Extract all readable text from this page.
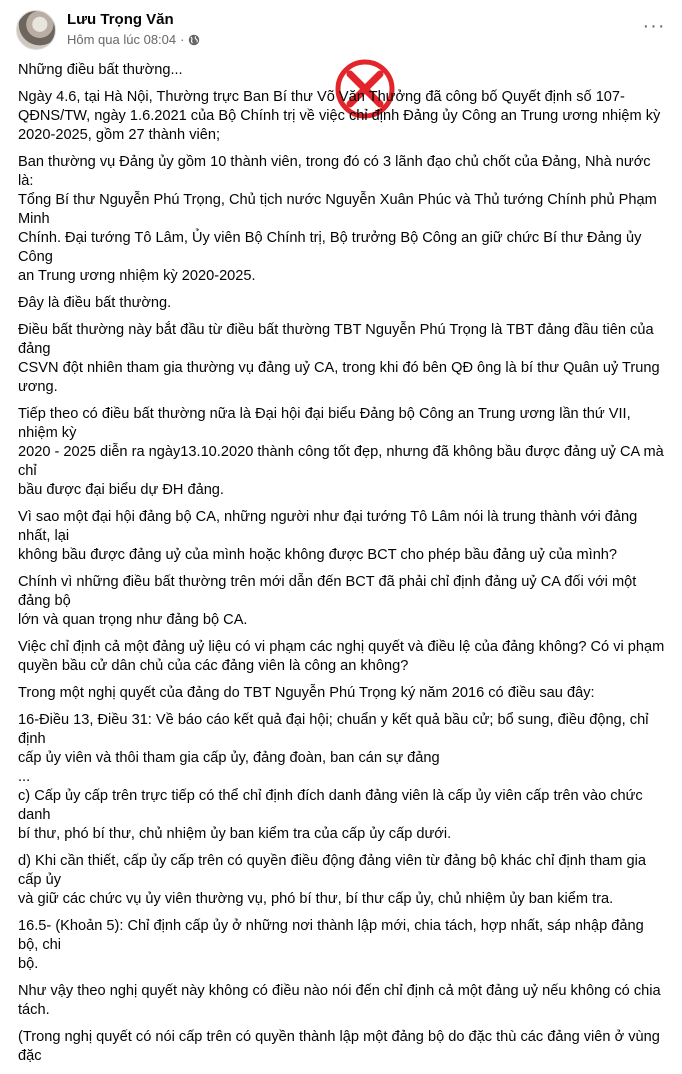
Lưu Trọng Văn
Hôm qua lúc 08:04 ·
···

Những điều bất thường...

Ngày 4.6, tại Hà Nội, Thường trực Ban Bí thư Võ Văn Thưởng đã công bố Quyết định số 107-
QĐNS/TW, ngày 1.6.2021 của Bộ Chính trị về việc chỉ định Đảng ủy Công an Trung ương nhiệm kỳ
2020-2025, gồm 27 thành viên;

Ban thường vụ Đảng ủy gồm 10 thành viên, trong đó có 3 lãnh đạo chủ chốt của Đảng, Nhà nước là:
Tổng Bí thư Nguyễn Phú Trọng, Chủ tịch nước Nguyễn Xuân Phúc và Thủ tướng Chính phủ Phạm Minh
Chính. Đại tướng Tô Lâm, Ủy viên Bộ Chính trị, Bộ trưởng Bộ Công an giữ chức Bí thư Đảng ủy Công
an Trung ương nhiệm kỳ 2020-2025.

Đây là điều bất thường.

Điều bất thường này bắt đầu từ điều bất thường TBT Nguyễn Phú Trọng là TBT đảng đầu tiên của đảng
CSVN đột nhiên tham gia thường vụ đảng uỷ CA, trong khi đó bên QĐ ông là bí thư Quân uỷ Trung
ương.

Tiếp theo có điều bất thường nữa là Đại hội đại biểu Đảng bộ Công an Trung ương lần thứ VII, nhiệm kỳ
2020 - 2025 diễn ra ngày13.10.2020 thành công tốt đẹp, nhưng đã không bầu được đảng uỷ CA mà chỉ
bầu được đại biểu dự ĐH đảng.

Vì sao một đại hội đảng bộ CA, những người như đại tướng Tô Lâm nói là trung thành với đảng nhất, lại
không bầu được đảng uỷ của mình hoặc không được BCT cho phép bầu đảng uỷ của mình?

Chính vì những điều bất thường trên mới dẫn đến BCT đã phải chỉ định đảng uỷ CA đối với một đảng bộ
lớn và quan trọng như đảng bộ CA.

Việc chỉ định cả một đảng uỷ liệu có vi phạm các nghị quyết và điều lệ của đảng không? Có vi phạm
quyền bầu cử dân chủ của các đảng viên là công an không?

Trong một nghị quyết của đảng do TBT Nguyễn Phú Trọng ký năm 2016 có điều sau đây:

16-Điều 13, Điều 31: Về báo cáo kết quả đại hội; chuẩn y kết quả bầu cử; bổ sung, điều động, chỉ định
cấp ủy viên và thôi tham gia cấp ủy, đảng đoàn, ban cán sự đảng
...
c) Cấp ủy cấp trên trực tiếp có thể chỉ định đích danh đảng viên là cấp ủy viên cấp trên vào chức danh
bí thư, phó bí thư, chủ nhiệm ủy ban kiểm tra của cấp ủy cấp dưới.

d) Khi cần thiết, cấp ủy cấp trên có quyền điều động đảng viên từ đảng bộ khác chỉ định tham gia cấp ủy
và giữ các chức vụ ủy viên thường vụ, phó bí thư, bí thư cấp ủy, chủ nhiệm ủy ban kiểm tra.

16.5- (Khoản 5): Chỉ định cấp ủy ở những nơi thành lập mới, chia tách, hợp nhất, sáp nhập đảng bộ, chi
bộ.

Như vậy theo nghị quyết này không có điều nào nói đến chỉ định cả một đảng uỷ nếu không có chia
tách.

(Trong nghị quyết có nói cấp trên có quyền thành lập một đảng bộ do đặc thù các đảng viên ở vùng đặc
